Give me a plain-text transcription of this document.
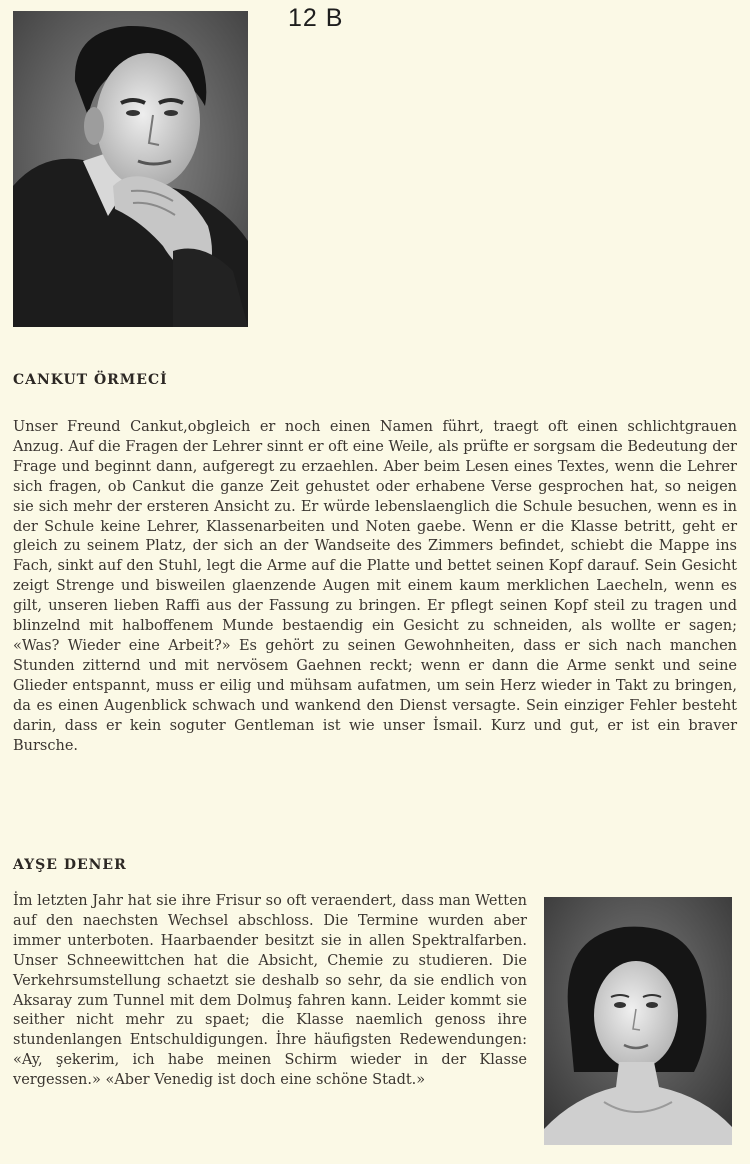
12 B
CANKUT ÖRMECİ

Unser Freund Cankut,obgleich er noch einen Namen führt, traegt oft einen schlichtgrauen Anzug. Auf die Fragen der Lehrer sinnt er oft eine Weile, als prüfte er sorgsam die Bedeutung der Frage und beginnt dann, aufgeregt zu erzaehlen. Aber beim Lesen eines Textes, wenn die Lehrer sich fragen, ob Cankut die ganze Zeit gehustet oder erhabene Verse gesprochen hat, so neigen sie sich mehr der ersteren Ansicht zu. Er würde lebenslaenglich die Schule besuchen, wenn es in der Schule keine Lehrer, Klassenarbeiten und Noten gaebe. Wenn er die Klasse betritt, geht er gleich zu seinem Platz, der sich an der Wandseite des Zimmers befindet, schiebt die Mappe ins Fach, sinkt auf den Stuhl, legt die Arme auf die Platte und bettet seinen Kopf darauf. Sein Gesicht zeigt Strenge und bisweilen glaenzende Augen mit einem kaum merklichen Laecheln, wenn es gilt, unseren lieben Raffi aus der Fassung zu bringen. Er pflegt seinen Kopf steil zu tragen und blinzelnd mit halboffenem Munde bestaendig ein Gesicht zu schneiden, als wollte er sagen; «Was? Wieder eine Arbeit?» Es gehört zu seinen Gewohnheiten, dass er sich nach manchen Stunden zitternd und mit nervösem Gaehnen reckt; wenn er dann die Arme senkt und seine Glieder entspannt, muss er eilig und mühsam aufatmen, um sein Herz wieder in Takt zu bringen, da es einen Augenblick schwach und wankend den Dienst versagte. Sein einziger Fehler besteht darin, dass er kein soguter Gentleman ist wie unser İsmail. Kurz und gut, er ist ein braver Bursche.

AYŞE DENER

İm letzten Jahr hat sie ihre Frisur so oft veraendert, dass man Wetten auf den naechsten Wechsel abschloss. Die Termine wurden aber immer unterboten. Haarbaender besitzt sie in allen Spektralfarben. Unser Schneewittchen hat die Absicht, Chemie zu studieren. Die Verkehrsumstellung schaetzt sie deshalb so sehr, da sie endlich von Aksaray zum Tunnel mit dem Dolmuş fahren kann. Leider kommt sie seither nicht mehr zu spaet; die Klasse naemlich genoss ihre stundenlangen Entschuldigungen. İhre häufigsten Redewendungen: «Ay, şekerim, ich habe meinen Schirm wieder in der Klasse vergessen.» «Aber Venedig ist doch eine schöne Stadt.»
